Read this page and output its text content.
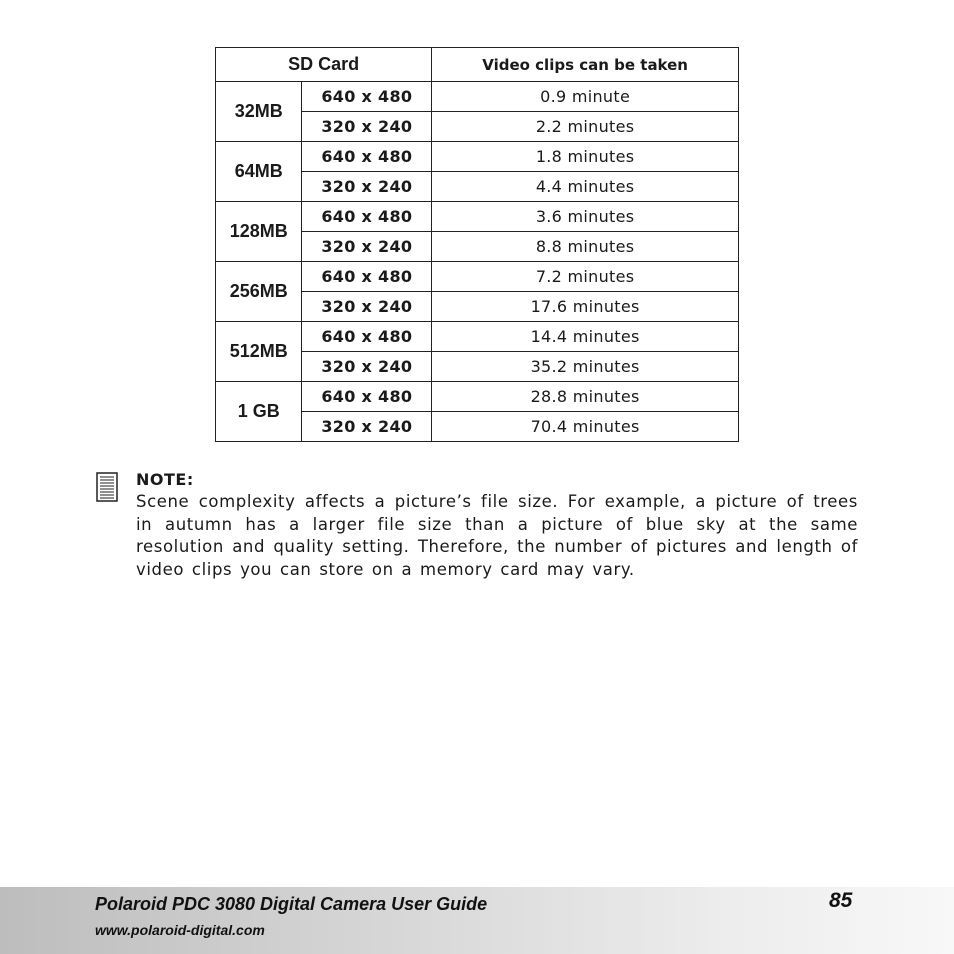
SD Card		Video clips can be taken
32MB	640 x 480	0.9 minute
	320 x 240	2.2 minutes
64MB	640 x 480	1.8 minutes
	320 x 240	4.4 minutes
128MB	640 x 480	3.6 minutes
	320 x 240	8.8 minutes
256MB	640 x 480	7.2 minutes
	320 x 240	17.6 minutes
512MB	640 x 480	14.4 minutes
	320 x 240	35.2 minutes
1 GB	640 x 480	28.8 minutes
	320 x 240	70.4 minutes
NOTE:
Scene complexity affects a picture’s file size. For example, a picture of trees in autumn has a larger file size than a picture of blue sky at the same resolution and quality setting. Therefore, the number of pictures and length of video clips you can store on a memory card may vary.
Polaroid PDC 3080 Digital Camera User Guide
www.polaroid-digital.com
85
